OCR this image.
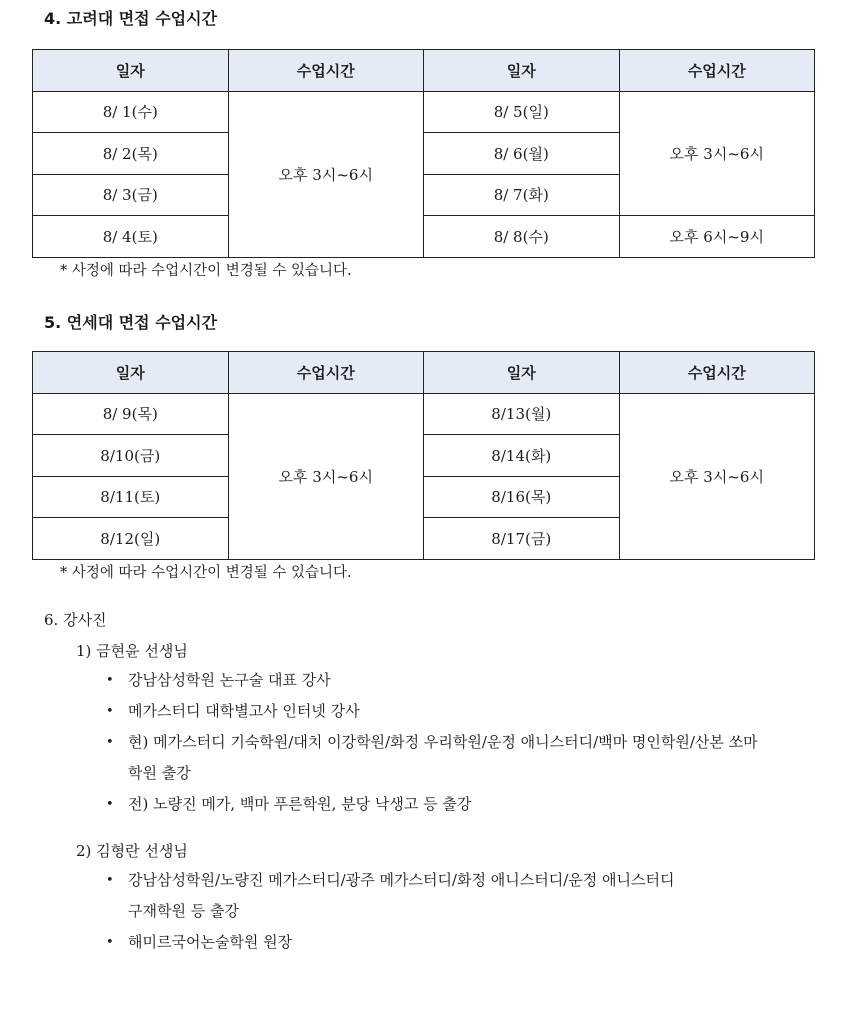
4. 고려대 면접 수업시간
일자	수업시간	일자	수업시간
8/ 1(수)	오후 3시~6시	8/ 5(일)	오후 3시~6시
8/ 2(목)		8/ 6(월)	
8/ 3(금)		8/ 7(화)	
8/ 4(토)		8/ 8(수)	오후 6시~9시
* 사정에 따라 수업시간이 변경될 수 있습니다.
5. 연세대 면접 수업시간
일자	수업시간	일자	수업시간
8/ 9(목)	오후 3시~6시	8/13(월)	오후 3시~6시
8/10(금)		8/14(화)	
8/11(토)		8/16(목)	
8/12(일)		8/17(금)	
* 사정에 따라 수업시간이 변경될 수 있습니다.
6. 강사진
1) 금현윤 선생님
• 강남삼성학원 논구술 대표 강사
• 메가스터디 대학별고사 인터넷 강사
• 현) 메가스터디 기숙학원/대치 이강학원/화정 우리학원/운정 애니스터디/백마 명인학원/산본 쏘마
학원 출강
• 전) 노량진 메가, 백마 푸른학원, 분당 낙생고 등 출강
2) 김형란 선생님
• 강남삼성학원/노량진 메가스터디/광주 메가스터디/화정 애니스터디/운정 애니스터디
구재학원 등 출강
• 해미르국어논술학원 원장
